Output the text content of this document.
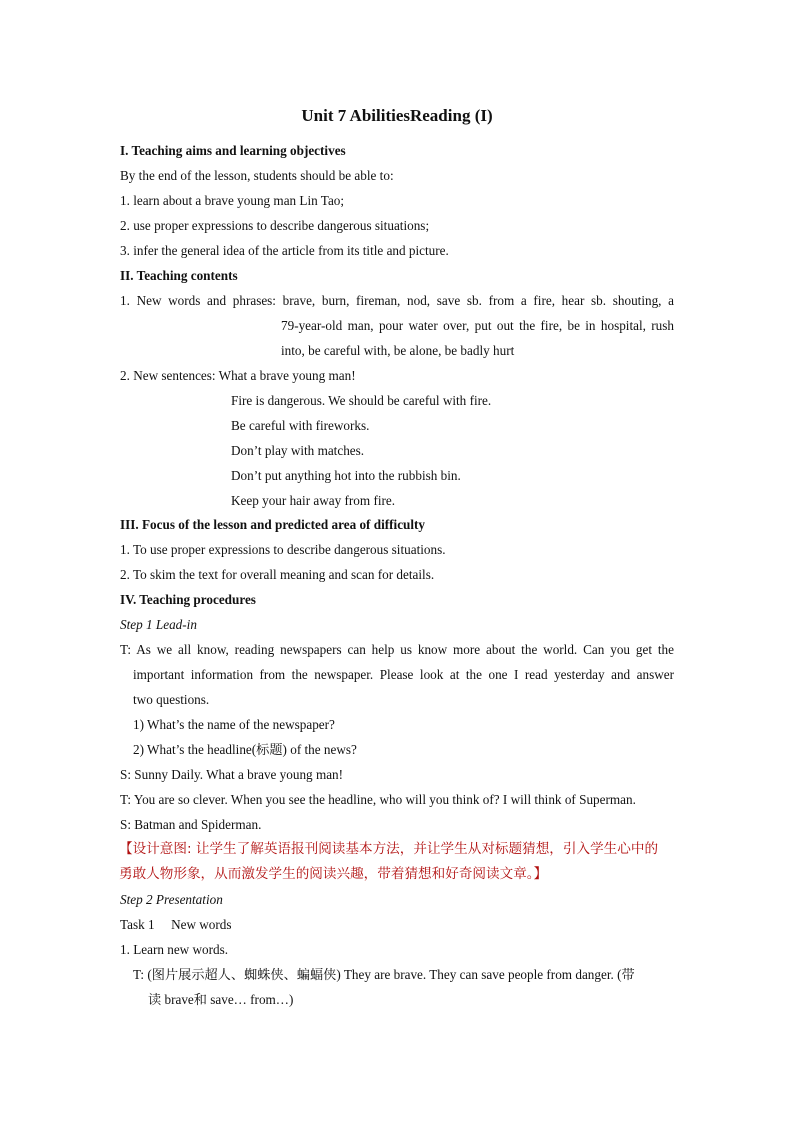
Unit 7 AbilitiesReading (I)
I. Teaching aims and learning objectives
By the end of the lesson, students should be able to:
1. learn about a brave young man Lin Tao;
2. use proper expressions to describe dangerous situations;
3. infer the general idea of the article from its title and picture.
II. Teaching contents
1. New words and phrases: brave, burn, fireman, nod, save sb. from a fire, hear sb. shouting, a
79-year-old man, pour water over, put out the fire, be in hospital, rush
into, be careful with, be alone, be badly hurt
2. New sentences: What a brave young man!
Fire is dangerous. We should be careful with fire.
Be careful with fireworks.
Don’t play with matches.
Don’t put anything hot into the rubbish bin.
Keep your hair away from fire.
III. Focus of the lesson and predicted area of difficulty
1. To use proper expressions to describe dangerous situations.
2. To skim the text for overall meaning and scan for details.
IV. Teaching procedures
Step 1 Lead-in
T: As we all know, reading newspapers can help us know more about the world. Can you get the
important information from the newspaper. Please look at the one I read yesterday and answer
two questions.
1) What’s the name of the newspaper?
2) What’s the headline(标题) of the news?
S: Sunny Daily. What a brave young man!
T: You are so clever. When you see the headline, who will you think of? I will think of Superman.
S: Batman and Spiderman.
【设计意图: 让学生了解英语报刊阅读基本方法，并让学生从对标题猜想，引入学生心中的
勇敢人物形象，从而激发学生的阅读兴趣，带着猜想和好奇阅读文章。】
Step 2 Presentation
Task 1     New words
1. Learn new words.
T: (图片展示超人、蜘蛛侠、蝙蝠侠) They are brave. They can save people from danger. (带
读 brave和 save… from…)
